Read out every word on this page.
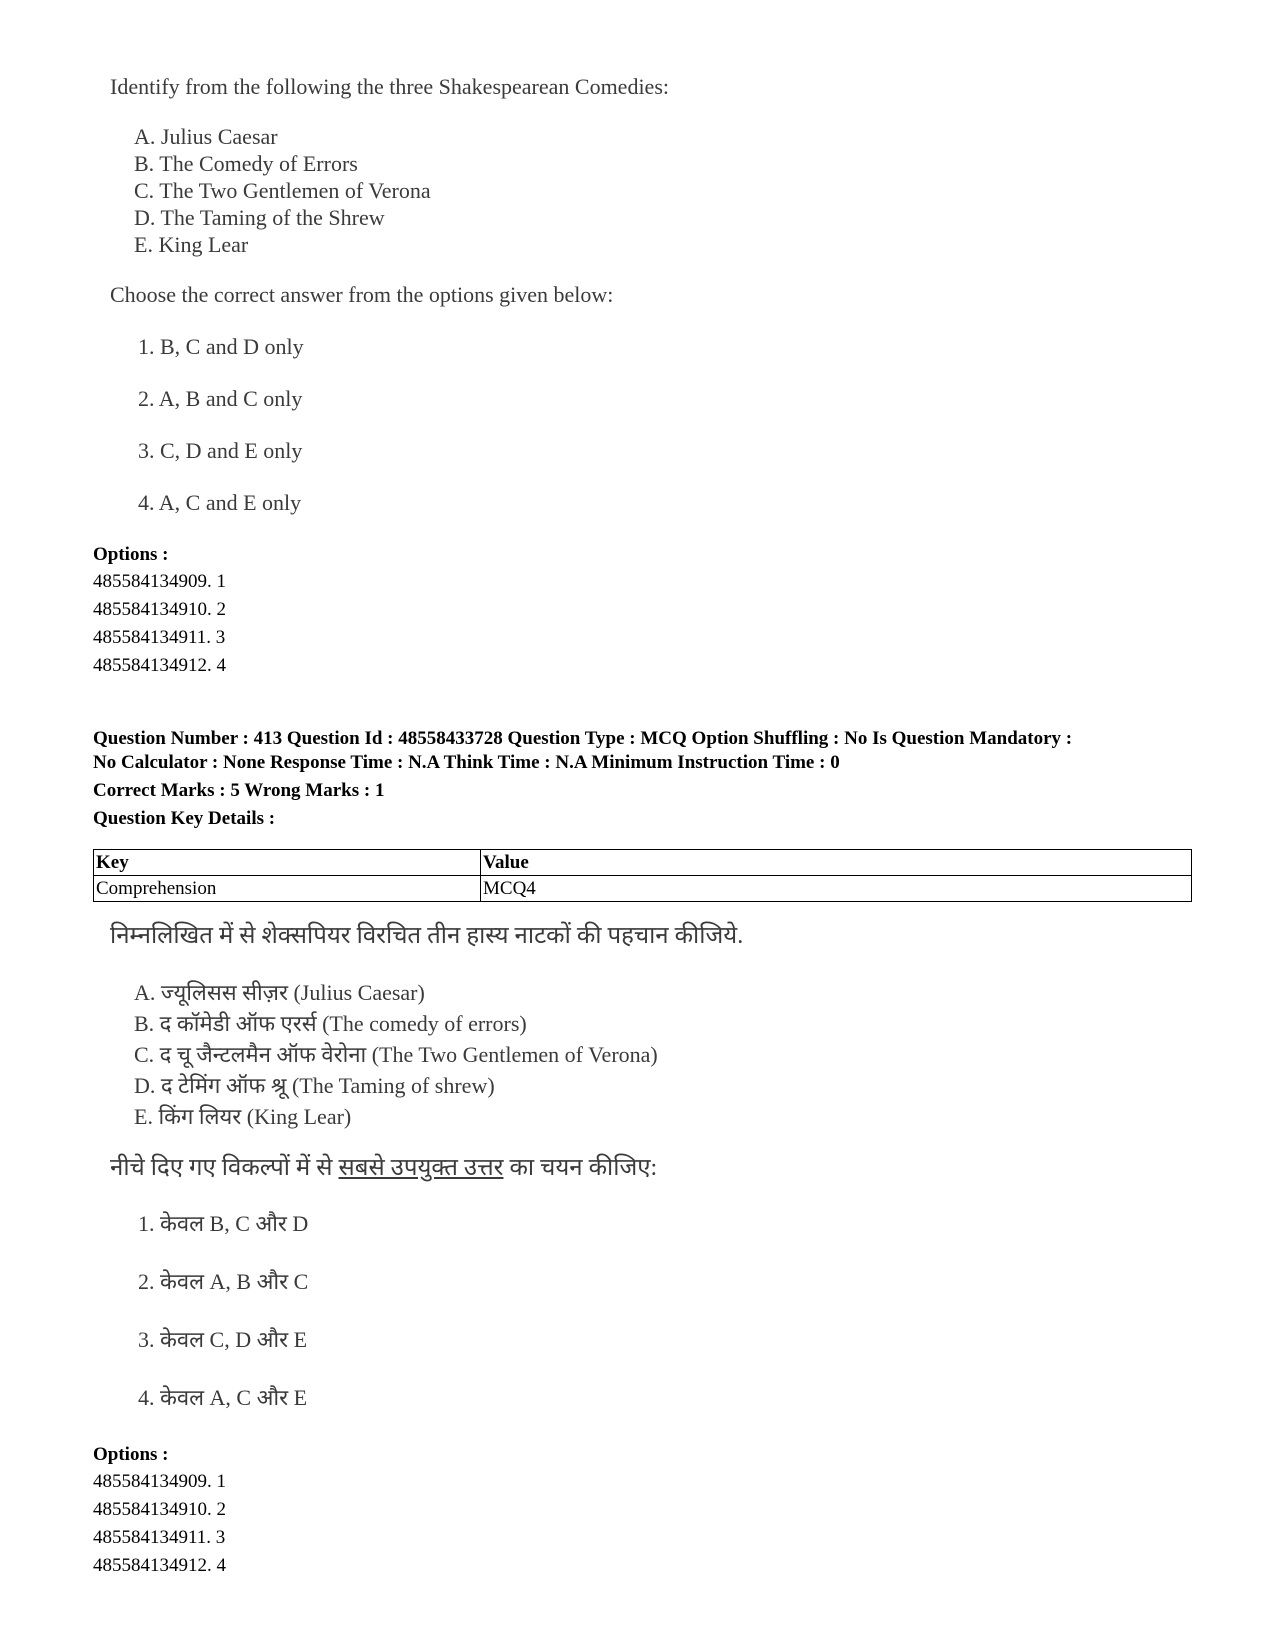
Identify from the following the three Shakespearean Comedies:
A. Julius Caesar
B. The Comedy of Errors
C. The Two Gentlemen of Verona
D. The Taming of the Shrew
E. King Lear
Choose the correct answer from the options given below:
1. B, C and D only
2. A, B and C only
3. C, D and E only
4. A, C and E only
Options :
485584134909. 1
485584134910. 2
485584134911. 3
485584134912. 4
Question Number : 413 Question Id : 48558433728 Question Type : MCQ Option Shuffling : No Is Question Mandatory :
No Calculator : None Response Time : N.A Think Time : N.A Minimum Instruction Time : 0
Correct Marks : 5 Wrong Marks : 1
Question Key Details :
Key	Value
Comprehension	MCQ4
निम्नलिखित में से शेक्सपियर विरचित तीन हास्य नाटकों की पहचान कीजिये.
A. ज्यूलिसस सीज़र (Julius Caesar)
B. द कॉमेडी ऑफ एरर्स (The comedy of errors)
C. द चू जैन्टलमैन ऑफ वेरोना (The Two Gentlemen of Verona)
D. द टेमिंग ऑफ श्रू (The Taming of shrew)
E. किंग लियर (King Lear)
नीचे दिए गए विकल्पों में से सबसे उपयुक्त उत्तर का चयन कीजिए:
1. केवल B, C और D
2. केवल A, B और C
3. केवल C, D और E
4. केवल A, C और E
Options :
485584134909. 1
485584134910. 2
485584134911. 3
485584134912. 4
